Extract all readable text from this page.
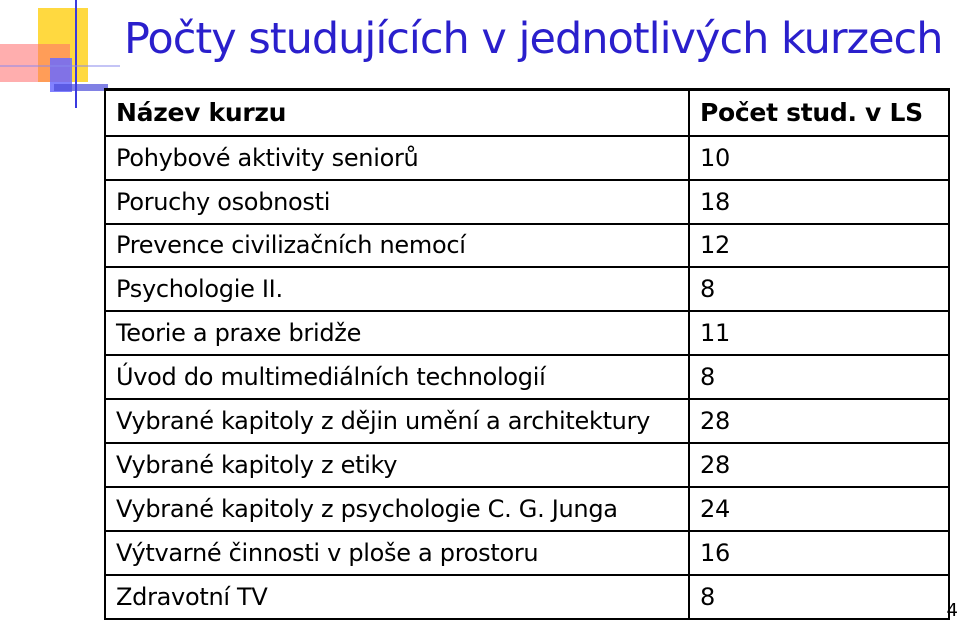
Počty studujících v jednotlivých kurzech
Název kurzu	Počet stud. v LS
Pohybové aktivity seniorů	10
Poruchy osobnosti	18
Prevence civilizačních nemocí	12
Psychologie II.	8
Teorie a praxe bridže	11
Úvod do multimediálních technologií	8
Vybrané kapitoly z dějin umění a architektury	28
Vybrané kapitoly z etiky	28
Vybrané kapitoly z psychologie C. G. Junga	24
Výtvarné činnosti v ploše a prostoru	16
Zdravotní TV	8	4
